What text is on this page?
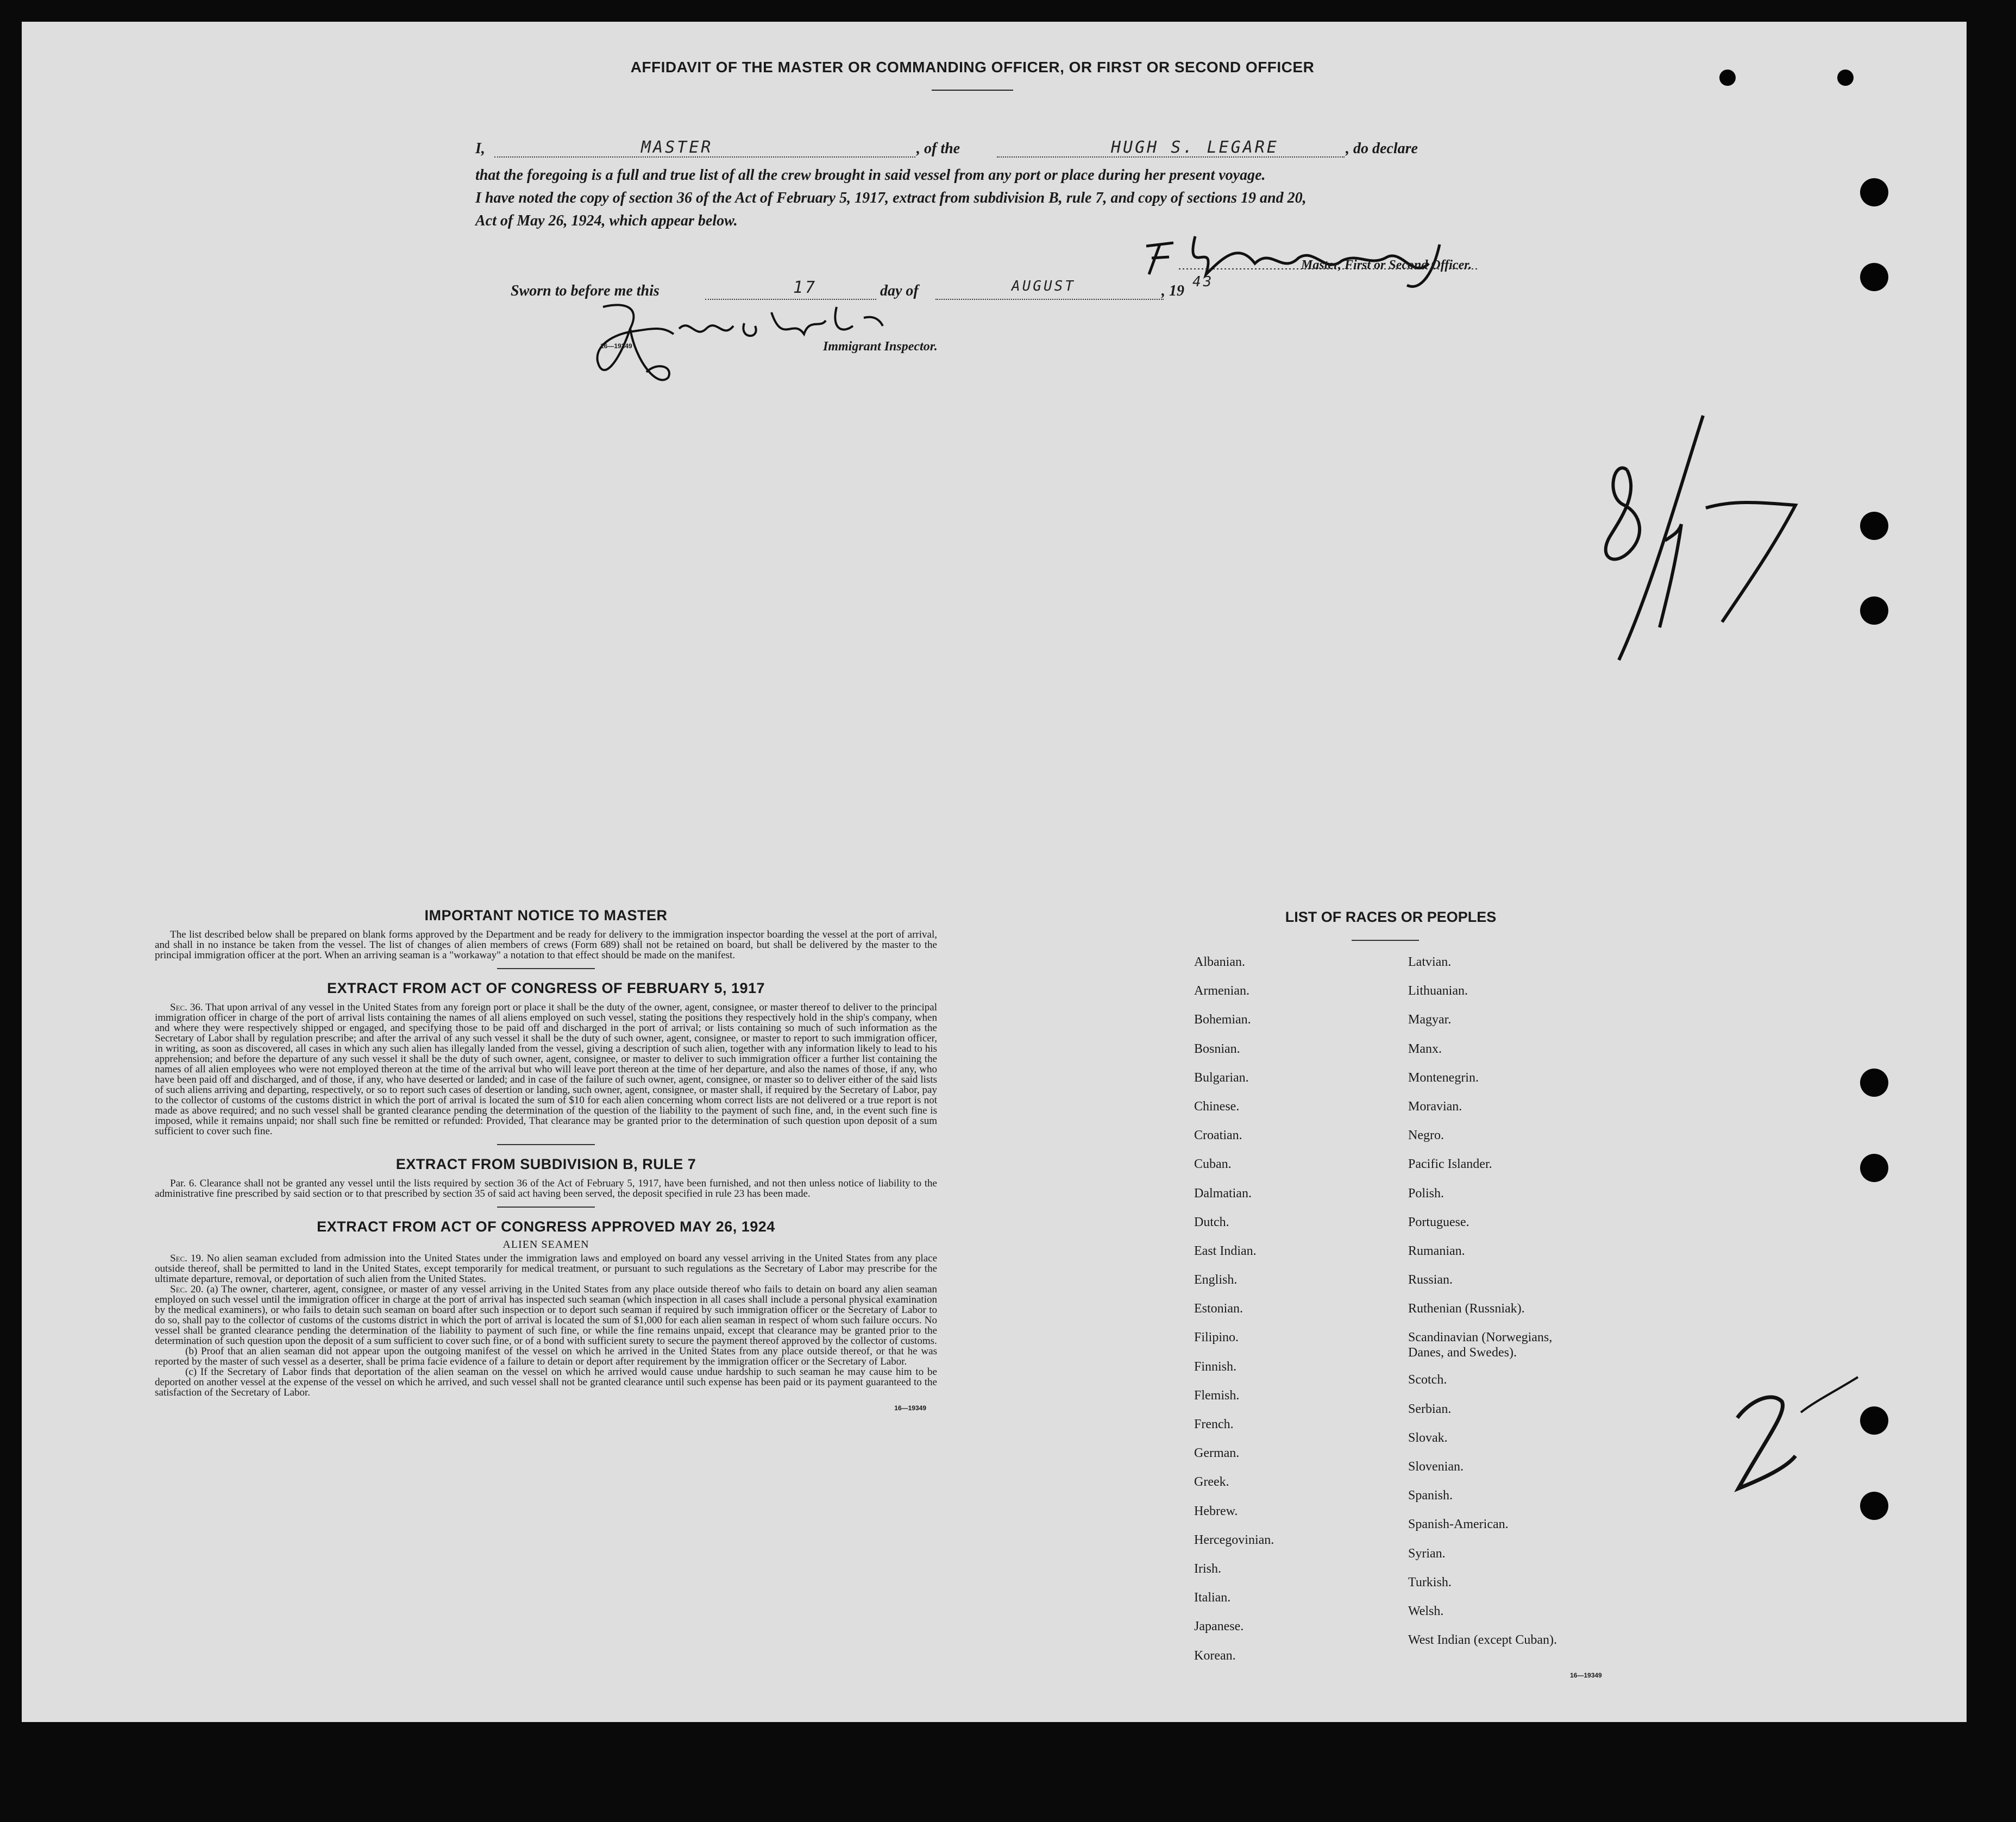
AFFIDAVIT OF THE MASTER OR COMMANDING OFFICER, OR FIRST OR SECOND OFFICER
I,	MASTER	, of the	HUGH S. LEGARE	, do declare
that the foregoing is a full and true list of all the crew brought in said vessel from any port or place during her present voyage.
I have noted the copy of section 36 of the Act of February 5, 1917, extract from subdivision B, rule 7, and copy of sections 19 and 20,
Act of May 26, 1924, which appear below.
Master, First or Second Officer.
Sworn to before me this	17	day of	AUGUST	, 19
43
16—19349	Immigrant Inspector.

IMPORTANT NOTICE TO MASTER

The list described below shall be prepared on blank forms approved by the Department and be ready for delivery to the immigration inspector boarding the vessel at the port of arrival, and shall in no instance be taken from the vessel. The list of changes of alien members of crews (Form 689) shall not be retained on board, but shall be delivered by the master to the principal immigration officer at the port. When an arriving seaman is a "workaway" a notation to that effect should be made on the manifest.

EXTRACT FROM ACT OF CONGRESS OF FEBRUARY 5, 1917

Sec. 36. That upon arrival of any vessel in the United States from any foreign port or place it shall be the duty of the owner, agent, consignee, or master thereof to deliver to the principal immigration officer in charge of the port of arrival lists containing the names of all aliens employed on such vessel, stating the positions they respectively hold in the ship's company, when and where they were respectively shipped or engaged, and specifying those to be paid off and discharged in the port of arrival; or lists containing so much of such information as the Secretary of Labor shall by regulation prescribe; and after the arrival of any such vessel it shall be the duty of such owner, agent, consignee, or master to report to such immigration officer, in writing, as soon as discovered, all cases in which any such alien has illegally landed from the vessel, giving a description of such alien, together with any information likely to lead to his apprehension; and before the departure of any such vessel it shall be the duty of such owner, agent, consignee, or master to deliver to such immigration officer a further list containing the names of all alien employees who were not employed thereon at the time of the arrival but who will leave port thereon at the time of her departure, and also the names of those, if any, who have been paid off and discharged, and of those, if any, who have deserted or landed; and in case of the failure of such owner, agent, consignee, or master so to deliver either of the said lists of such aliens arriving and departing, respectively, or so to report such cases of desertion or landing, such owner, agent, consignee, or master shall, if required by the Secretary of Labor, pay to the collector of customs of the customs district in which the port of arrival is located the sum of $10 for each alien concerning whom correct lists are not delivered or a true report is not made as above required; and no such vessel shall be granted clearance pending the determination of the question of the liability to the payment of such fine, and, in the event such fine is imposed, while it remains unpaid; nor shall such fine be remitted or refunded: Provided, That clearance may be granted prior to the determination of such question upon deposit of a sum sufficient to cover such fine.

EXTRACT FROM SUBDIVISION B, RULE 7

Par. 6. Clearance shall not be granted any vessel until the lists required by section 36 of the Act of February 5, 1917, have been furnished, and not then unless notice of liability to the administrative fine prescribed by said section or to that prescribed by section 35 of said act having been served, the deposit specified in rule 23 has been made.

EXTRACT FROM ACT OF CONGRESS APPROVED MAY 26, 1924

ALIEN SEAMEN

Sec. 19. No alien seaman excluded from admission into the United States under the immigration laws and employed on board any vessel arriving in the United States from any place outside thereof, shall be permitted to land in the United States, except temporarily for medical treatment, or pursuant to such regulations as the Secretary of Labor may prescribe for the ultimate departure, removal, or deportation of such alien from the United States.

Sec. 20. (a) The owner, charterer, agent, consignee, or master of any vessel arriving in the United States from any place outside thereof who fails to detain on board any alien seaman employed on such vessel until the immigration officer in charge at the port of arrival has inspected such seaman (which inspection in all cases shall include a personal physical examination by the medical examiners), or who fails to detain such seaman on board after such inspection or to deport such seaman if required by such immigration officer or the Secretary of Labor to do so, shall pay to the collector of customs of the customs district in which the port of arrival is located the sum of $1,000 for each alien seaman in respect of whom such failure occurs. No vessel shall be granted clearance pending the determination of the liability to payment of such fine, or while the fine remains unpaid, except that clearance may be granted prior to the determination of such question upon the deposit of a sum sufficient to cover such fine, or of a bond with sufficient surety to secure the payment thereof approved by the collector of customs.

(b) Proof that an alien seaman did not appear upon the outgoing manifest of the vessel on which he arrived in the United States from any place outside thereof, or that he was reported by the master of such vessel as a deserter, shall be prima facie evidence of a failure to detain or deport after requirement by the immigration officer or the Secretary of Labor.

(c) If the Secretary of Labor finds that deportation of the alien seaman on the vessel on which he arrived would cause undue hardship to such seaman he may cause him to be deported on another vessel at the expense of the vessel on which he arrived, and such vessel shall not be granted clearance until such expense has been paid or its payment guaranteed to the satisfaction of the Secretary of Labor.

16—19349
LIST OF RACES OR PEOPLES
Albanian.
Armenian.
Bohemian.
Bosnian.
Bulgarian.
Chinese.
Croatian.
Cuban.
Dalmatian.
Dutch.
East Indian.
English.
Estonian.
Filipino.
Finnish.
Flemish.
French.
German.
Greek.
Hebrew.
Hercegovinian.
Irish.
Italian.
Japanese.
Korean.
Latvian.
Lithuanian.
Magyar.
Manx.
Montenegrin.
Moravian.
Negro.
Pacific Islander.
Polish.
Portuguese.
Rumanian.
Russian.
Ruthenian (Russniak).
Scandinavian (Norwegians,
Danes, and Swedes).
Scotch.
Serbian.
Slovak.
Slovenian.
Spanish.
Spanish-American.
Syrian.
Turkish.
Welsh.
West Indian (except Cuban).
16—19349
